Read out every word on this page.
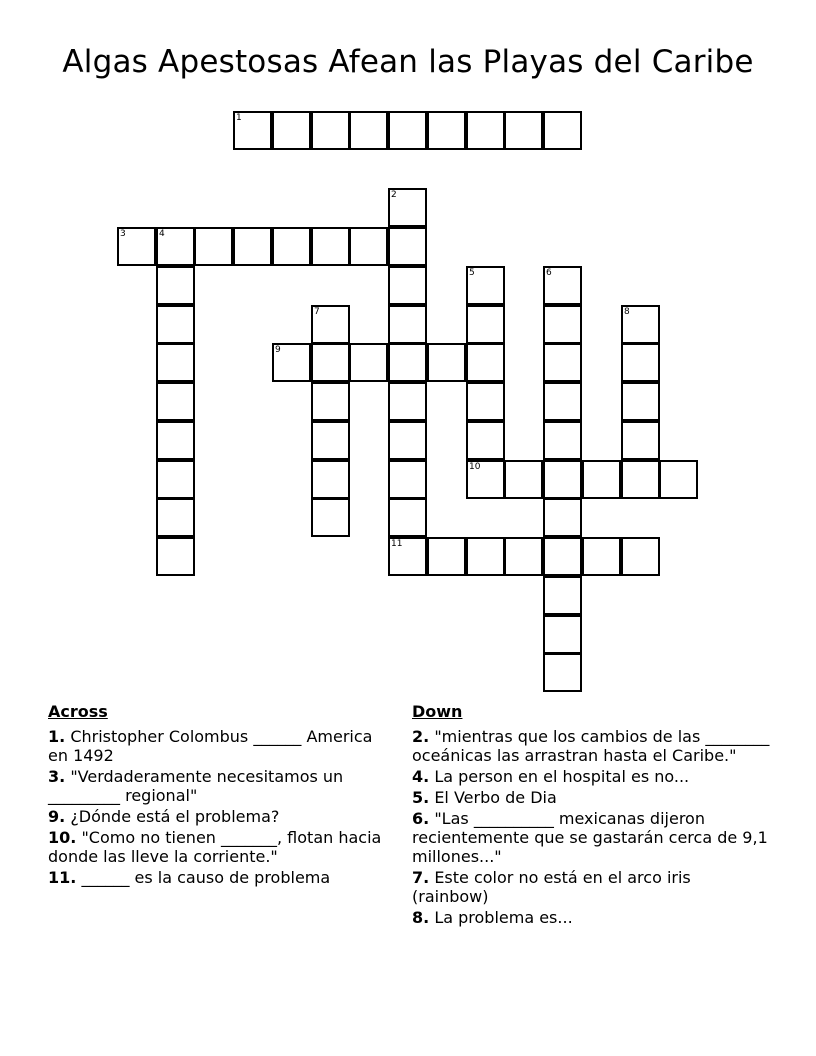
Algas Apestosas Afean las Playas del Caribe
1
2
3	4
5	6
7	8
9
10
11
Across
1. Christopher Colombus ______ America en 1492
3. "Verdaderamente necesitamos un _________ regional"
9. ¿Dónde está el problema?
10. "Como no tienen _______, flotan hacia donde las lleve la corriente."
11. ______ es la causo de problema
Down
2. "mientras que los cambios de las ________ oceánicas las arrastran hasta el Caribe."
4. La person en el hospital es no...
5. El Verbo de Dia
6. "Las __________ mexicanas dijeron recientemente que se gastarán cerca de 9,1 millones..."
7. Este color no está en el arco iris (rainbow)
8. La problema es...
